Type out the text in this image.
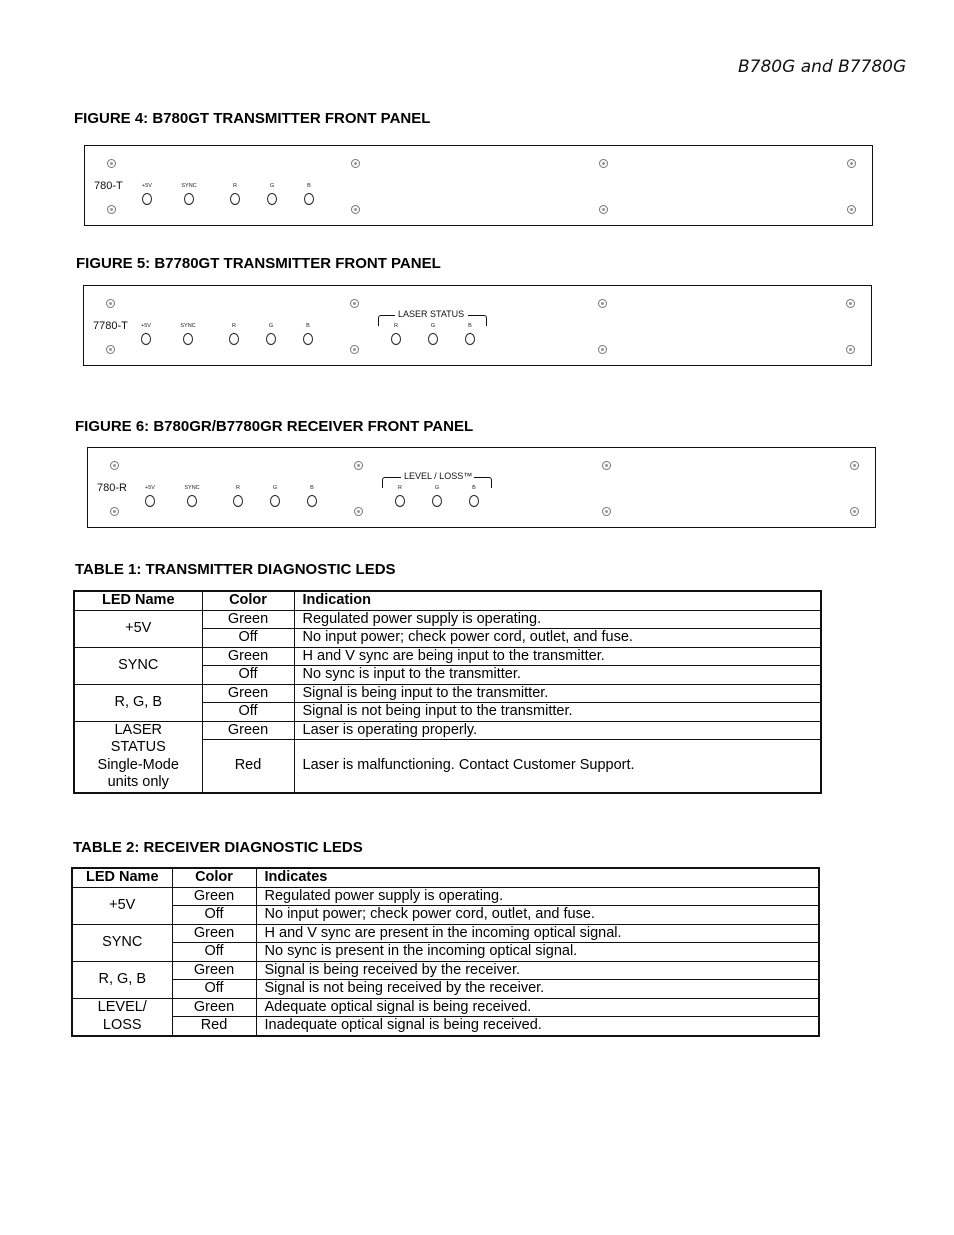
B780G and B7780G
FIGURE 4: B780GT TRANSMITTER FRONT PANEL
780-T	+5V	SYNC	R	G	B
FIGURE 5: B7780GT TRANSMITTER FRONT PANEL
7780-T	+5V	SYNC	R	G	B
LASER STATUS
R	G	B
FIGURE 6: B780GR/B7780GR RECEIVER FRONT PANEL
780-R	+5V	SYNC	R	G	B
LEVEL / LOSS™
R	G	B
TABLE 1: TRANSMITTER DIAGNOSTIC LEDS
LED Name	Color	Indication
+5V	Green	Regulated power supply is operating.
	Off	No input power; check power cord, outlet, and fuse.
SYNC	Green	H and V sync are being input to the transmitter.
	Off	No sync is input to the transmitter.
R, G, B	Green	Signal is being input to the transmitter.
	Off	Signal is not being input to the transmitter.

LASER
STATUS
Single-Mode
units only	Green	Laser is operating properly.
	Red	Laser is malfunctioning. Contact Customer Support.
TABLE 2: RECEIVER DIAGNOSTIC LEDS
LED Name	Color	Indicates
+5V	Green	Regulated power supply is operating.
	Off	No input power; check power cord, outlet, and fuse.
SYNC	Green	H and V sync are present in the incoming optical signal.
	Off	No sync is present in the incoming optical signal.
R, G, B	Green	Signal is being received by the receiver.
	Off	Signal is not being received by the receiver.

LEVEL/
LOSS	Green	Adequate optical signal is being received.
	Red	Inadequate optical signal is being received.
